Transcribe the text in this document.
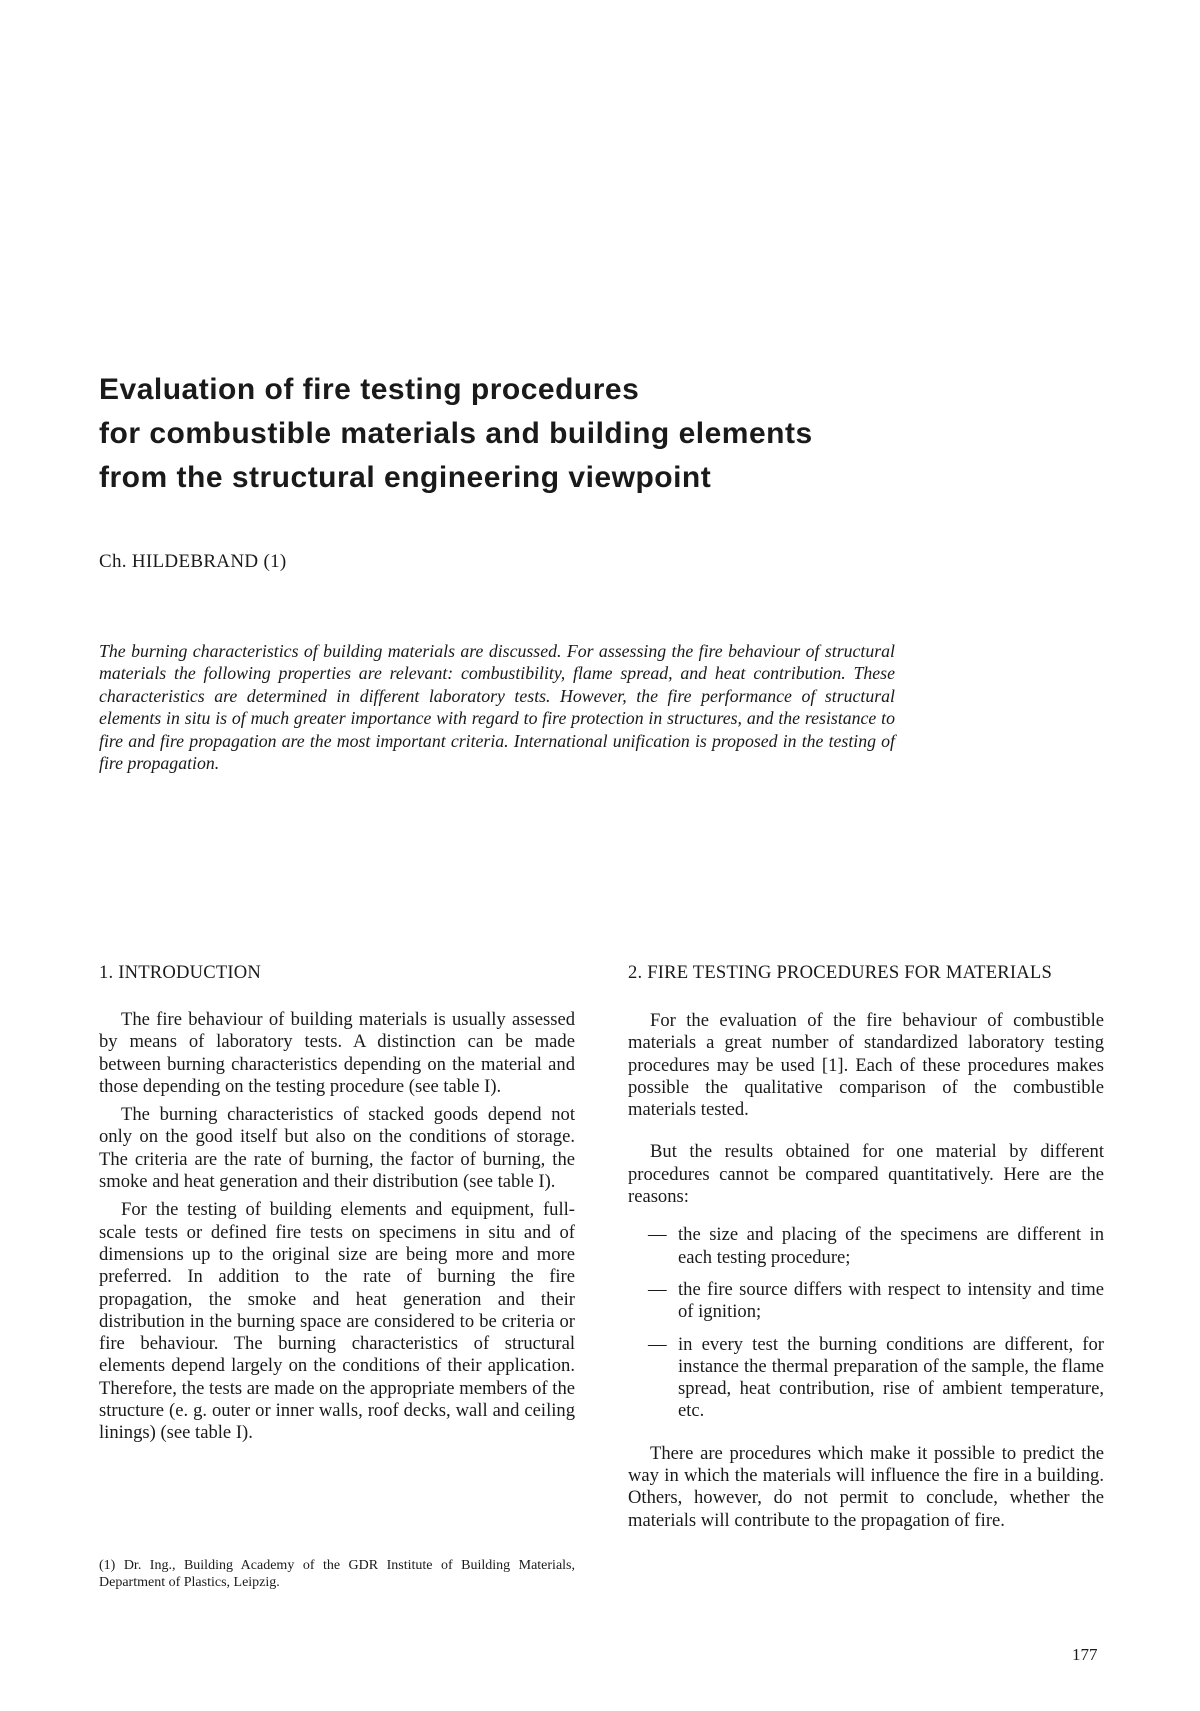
Evaluation of fire testing procedures
for combustible materials and building elements
from the structural engineering viewpoint
Ch. HILDEBRAND (1)

The burning characteristics of building materials are discussed. For assessing the fire behaviour of structural materials the following properties are relevant: combustibility, flame spread, and heat contribution. These characteristics are determined in different laboratory tests. However, the fire performance of structural elements in situ is of much greater importance with regard to fire protection in structures, and the resistance to fire and fire propagation are the most important criteria. International unification is proposed in the testing of fire propagation.

1. INTRODUCTION

The fire behaviour of building materials is usually assessed by means of laboratory tests. A distinction can be made between burning characteristics depending on the material and those depending on the testing procedure (see table I).

The burning characteristics of stacked goods depend not only on the good itself but also on the conditions of storage. The criteria are the rate of burning, the factor of burning, the smoke and heat generation and their distribution (see table I).

For the testing of building elements and equipment, full-scale tests or defined fire tests on specimens in situ and of dimensions up to the original size are being more and more preferred. In addition to the rate of burning the fire propagation, the smoke and heat generation and their distribution in the burning space are considered to be criteria or fire behaviour. The burning characteristics of structural elements depend largely on the conditions of their application. Therefore, the tests are made on the appropriate members of the structure (e. g. outer or inner walls, roof decks, wall and ceiling linings) (see table I).

2. FIRE TESTING PROCEDURES FOR MATERIALS

For the evaluation of the fire behaviour of combustible materials a great number of standardized laboratory testing procedures may be used [1]. Each of these procedures makes possible the qualitative comparison of the combustible materials tested.

But the results obtained for one material by different procedures cannot be compared quantitatively. Here are the reasons:

— the size and placing of the specimens are different in each testing procedure;
— the fire source differs with respect to intensity and time of ignition;
— in every test the burning conditions are different, for instance the thermal preparation of the sample, the flame spread, heat contribution, rise of ambient temperature, etc.

There are procedures which make it possible to predict the way in which the materials will influence the fire in a building. Others, however, do not permit to conclude, whether the materials will contribute to the propagation of fire.

(1) Dr. Ing., Building Academy of the GDR Institute of Building Materials, Department of Plastics, Leipzig.

177
